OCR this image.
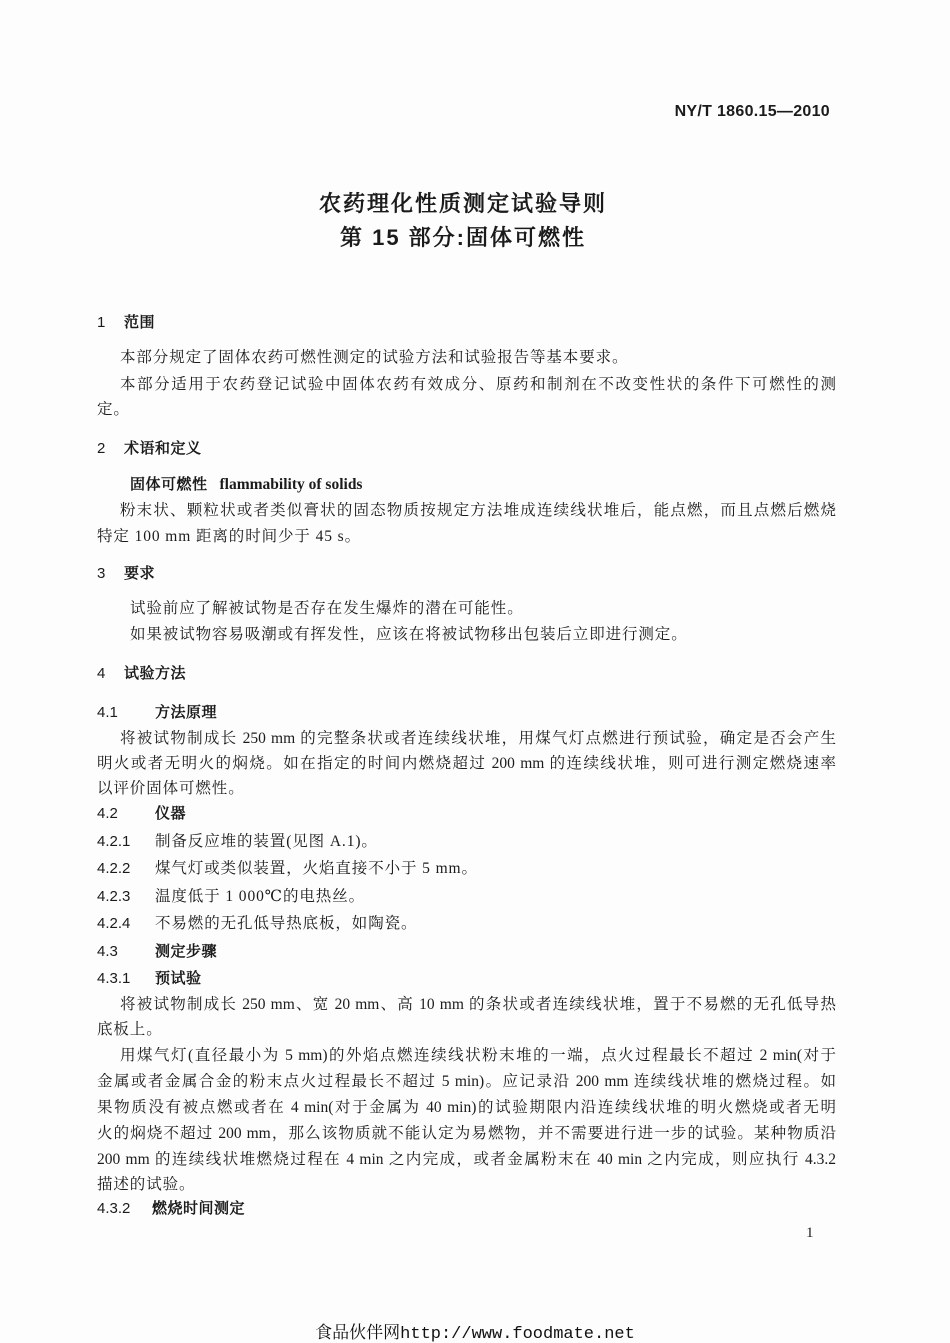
NY/T 1860.15—2010
农药理化性质测定试验导则
第 15 部分:固体可燃性
1 范围
本部分规定了固体农药可燃性测定的试验方法和试验报告等基本要求。
本部分适用于农药登记试验中固体农药有效成分、原药和制剂在不改变性状的条件下可燃性的测
定。
2 术语和定义
固体可燃性 flammability of solids
粉末状、颗粒状或者类似膏状的固态物质按规定方法堆成连续线状堆后，能点燃，而且点燃后燃烧
特定 100 mm 距离的时间少于 45 s。
3 要求
试验前应了解被试物是否存在发生爆炸的潜在可能性。
如果被试物容易吸潮或有挥发性，应该在将被试物移出包装后立即进行测定。
4 试验方法
4.1 方法原理
将被试物制成长 250 mm 的完整条状或者连续线状堆，用煤气灯点燃进行预试验，确定是否会产生
明火或者无明火的焖烧。如在指定的时间内燃烧超过 200 mm 的连续线状堆，则可进行测定燃烧速率
以评价固体可燃性。
4.2 仪器
4.2.1 制备反应堆的装置(见图 A.1)。
4.2.2 煤气灯或类似装置，火焰直接不小于 5 mm。
4.2.3 温度低于 1 000℃的电热丝。
4.2.4 不易燃的无孔低导热底板，如陶瓷。
4.3 测定步骤
4.3.1 预试验
将被试物制成长 250 mm、宽 20 mm、高 10 mm 的条状或者连续线状堆，置于不易燃的无孔低导热
底板上。
用煤气灯(直径最小为 5 mm)的外焰点燃连续线状粉末堆的一端，点火过程最长不超过 2 min(对于
金属或者金属合金的粉末点火过程最长不超过 5 min)。应记录沿 200 mm 连续线状堆的燃烧过程。如
果物质没有被点燃或者在 4 min(对于金属为 40 min)的试验期限内沿连续线状堆的明火燃烧或者无明
火的焖烧不超过 200 mm，那么该物质就不能认定为易燃物，并不需要进行进一步的试验。某种物质沿
200 mm 的连续线状堆燃烧过程在 4 min 之内完成，或者金属粉末在 40 min 之内完成，则应执行 4.3.2
描述的试验。
4.3.2 燃烧时间测定
1
食品伙伴网http://www.foodmate.net
